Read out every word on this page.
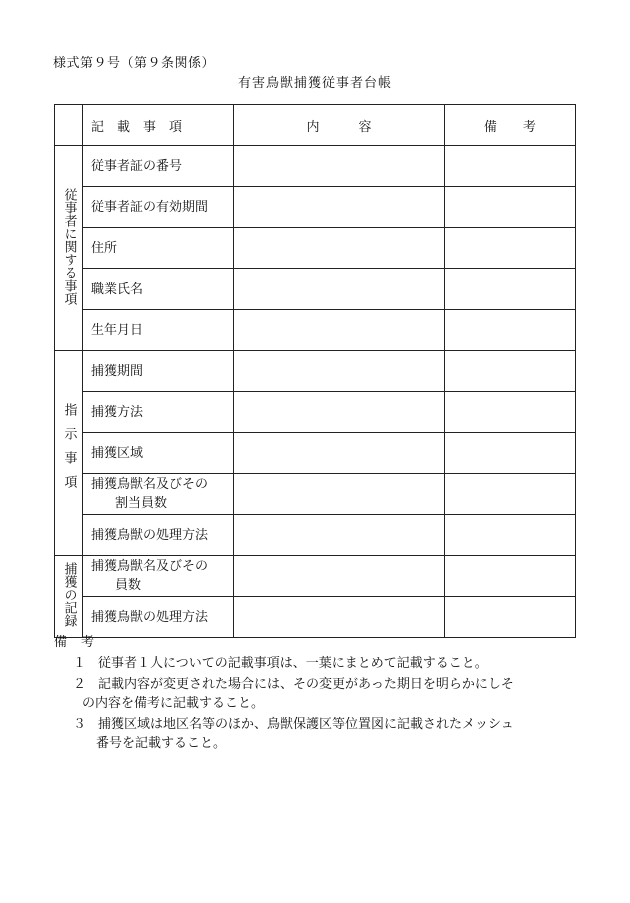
様式第９号（第９条関係）
有害鳥獣捕獲従事者台帳
	記　載　事　項	内　　　容	備　　考
従事者に関する事項	従事者証の番号		
	従事者証の有効期間		
	住所		
	職業氏名		
	生年月日		
指示事項	捕獲期間		
	捕獲方法		
	捕獲区域		
	捕獲鳥獣名及びその
割当員数		

	捕獲鳥獣の処理方法		
捕獲の記録	捕獲鳥獣名及びその
員数		

	捕獲鳥獣の処理方法		
備考
１ 従事者１人についての記載事項は、一葉にまとめて記載すること。
２ 記載内容が変更された場合には、その変更があった期日を明らかにしそ
の内容を備考に記載すること。
３ 捕獲区域は地区名等のほか、鳥獣保護区等位置図に記載されたメッシュ
番号を記載すること。
